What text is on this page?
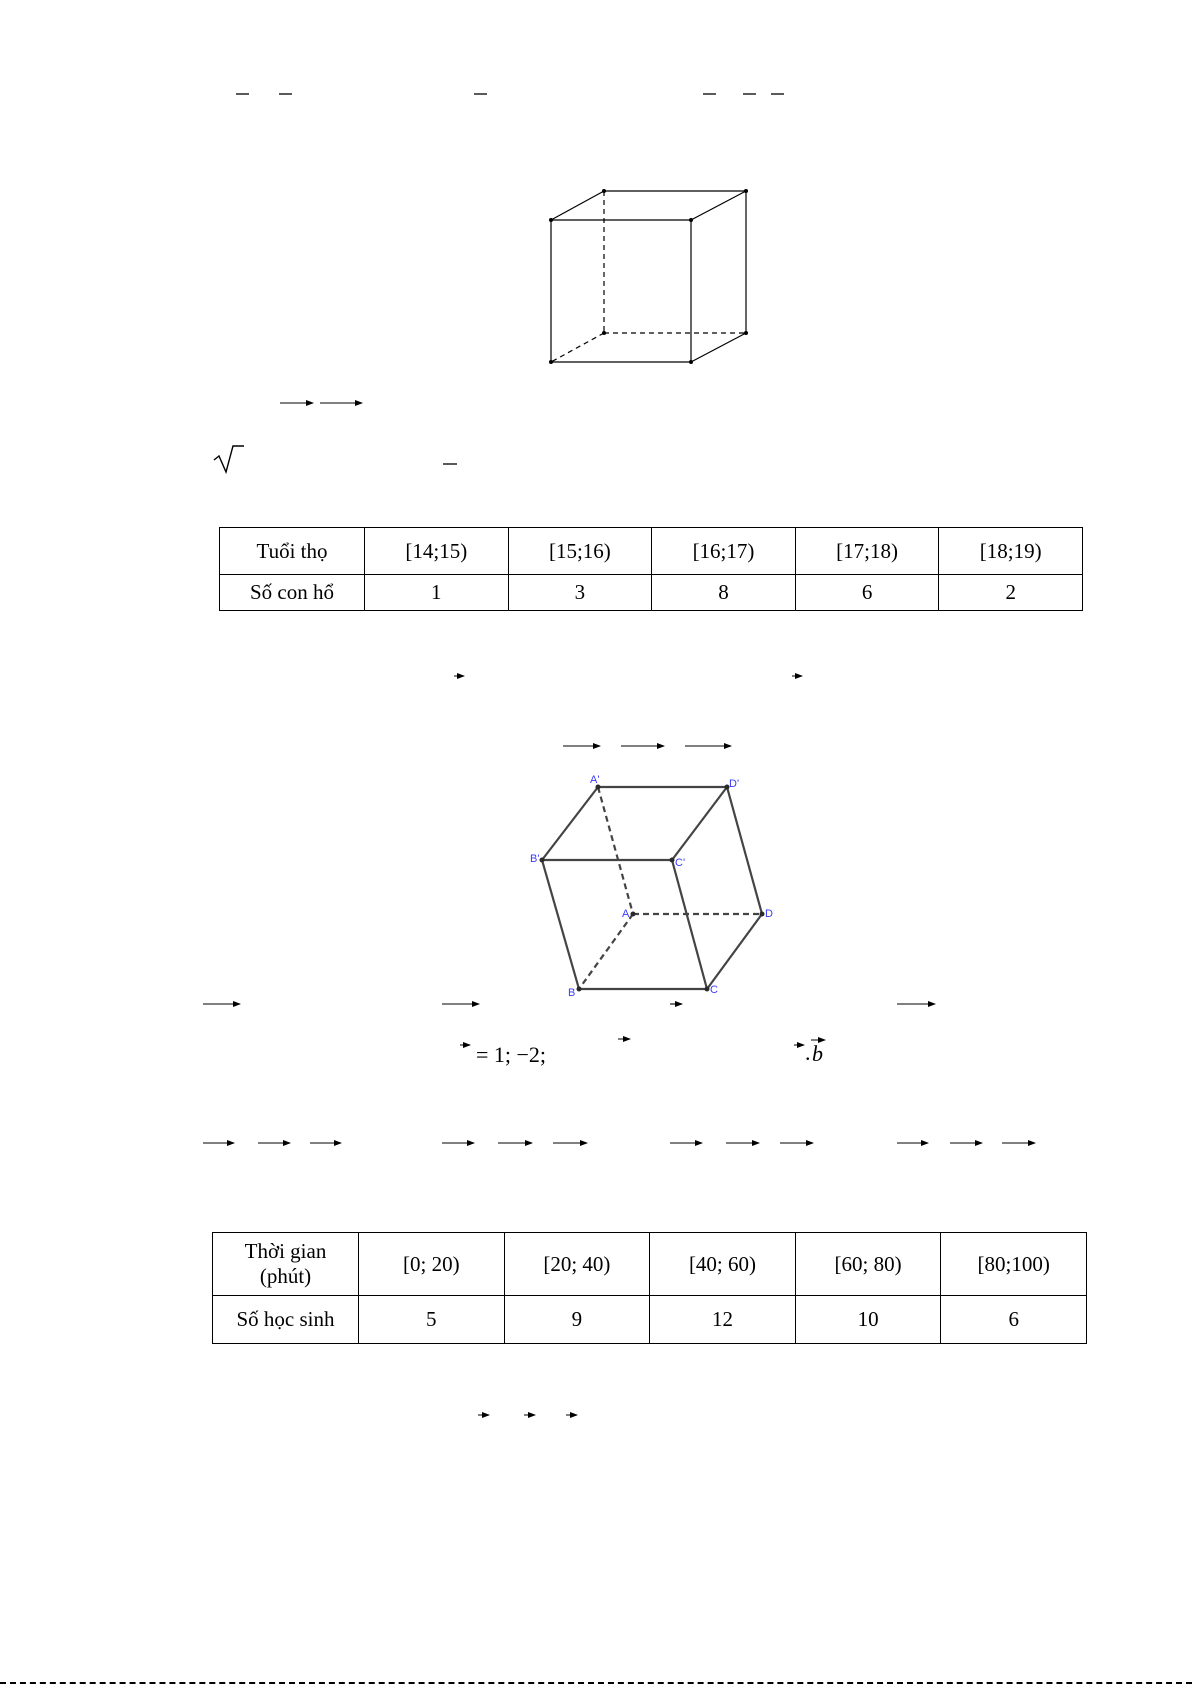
A'	D'
B'	C'
A	D
B	C
= 1; −2;	. b
Tuổi thọ	[14;15)	[15;16)	[16;17)	[17;18)	[18;19)
Số con hổ	1	3	8	6	2
Thời gian
(phút)	[0; 20)	[20; 40)	[40; 60)	[60; 80)	[80;100)
Số học sinh	5	9	12	10	6
